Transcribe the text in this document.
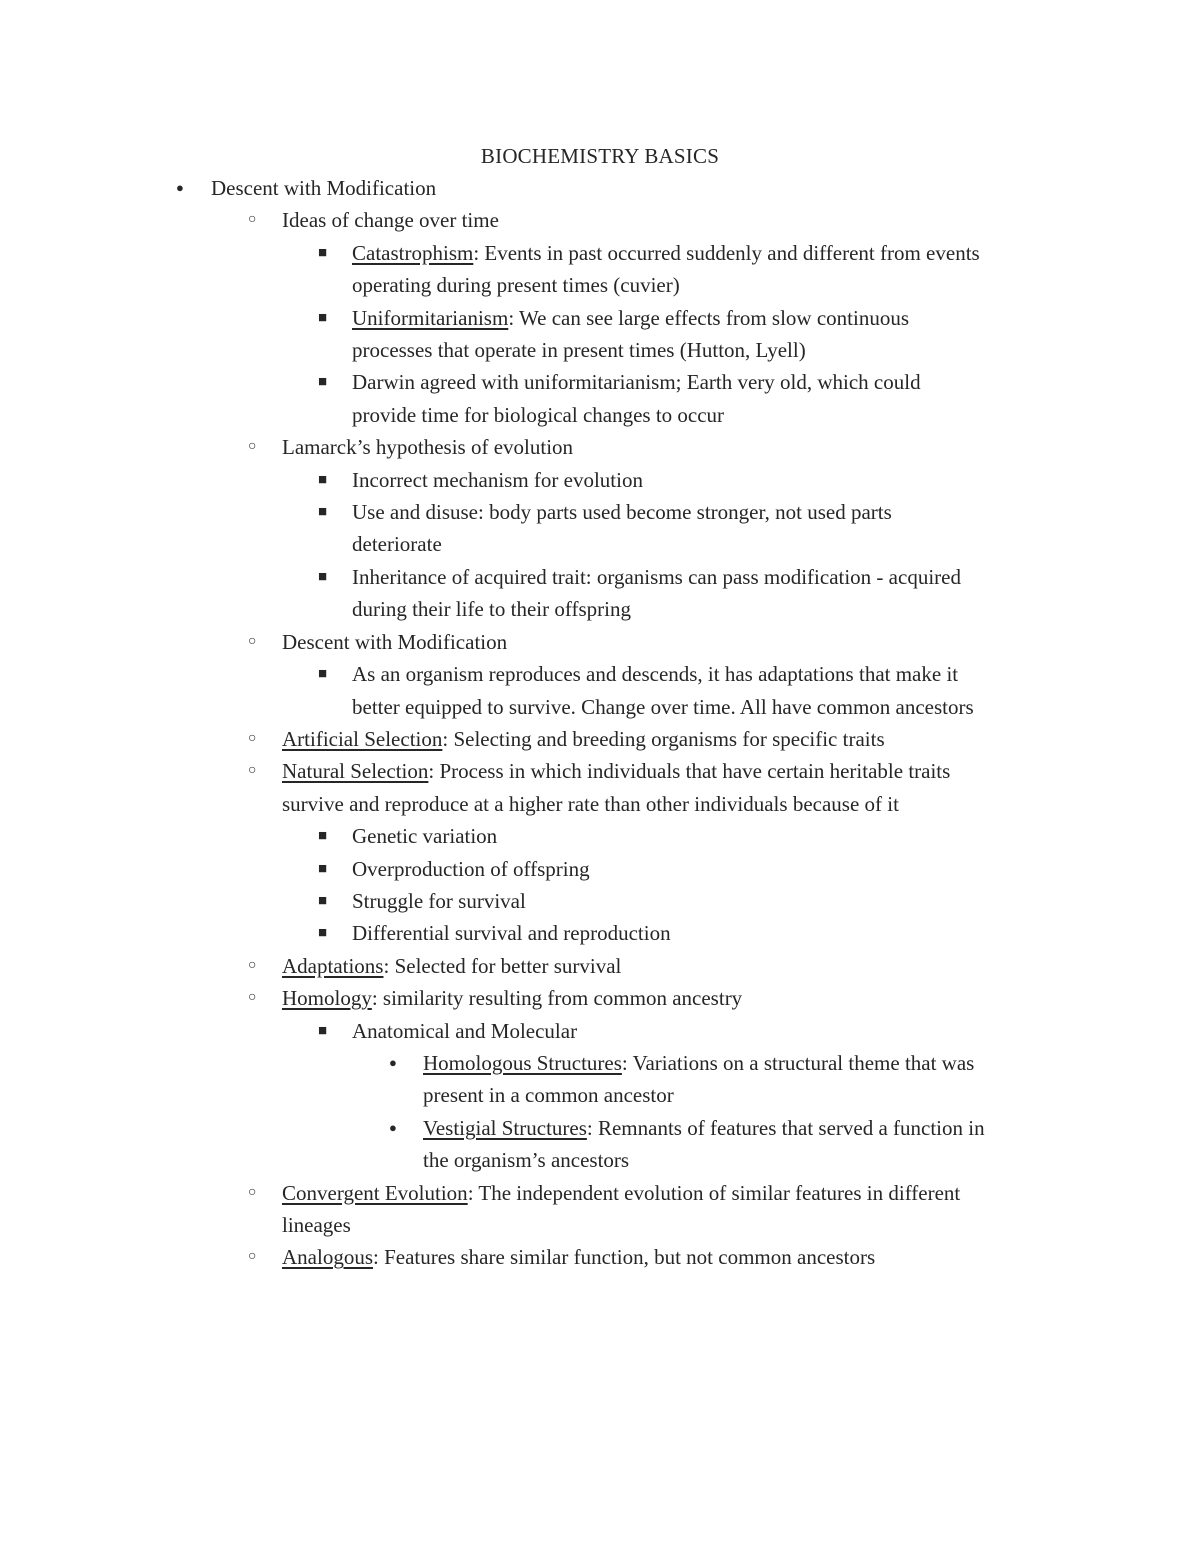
BIOCHEMISTRY BASICS
● Descent with Modification
○ Ideas of change over time
■ Catastrophism: Events in past occurred suddenly and different from events
operating during present times (cuvier)
■ Uniformitarianism: We can see large effects from slow continuous
processes that operate in present times (Hutton, Lyell)
■ Darwin agreed with uniformitarianism; Earth very old, which could
provide time for biological changes to occur
○ Lamarck’s hypothesis of evolution
■ Incorrect mechanism for evolution
■ Use and disuse: body parts used become stronger, not used parts
deteriorate
■ Inheritance of acquired trait: organisms can pass modification - acquired
during their life to their offspring
○ Descent with Modification
■ As an organism reproduces and descends, it has adaptations that make it
better equipped to survive. Change over time. All have common ancestors
○ Artificial Selection: Selecting and breeding organisms for specific traits
○ Natural Selection: Process in which individuals that have certain heritable traits
survive and reproduce at a higher rate than other individuals because of it
■ Genetic variation
■ Overproduction of offspring
■ Struggle for survival
■ Differential survival and reproduction
○ Adaptations: Selected for better survival
○ Homology: similarity resulting from common ancestry
■ Anatomical and Molecular
● Homologous Structures: Variations on a structural theme that was
present in a common ancestor
● Vestigial Structures: Remnants of features that served a function in
the organism’s ancestors
○ Convergent Evolution: The independent evolution of similar features in different
lineages
○ Analogous: Features share similar function, but not common ancestors
